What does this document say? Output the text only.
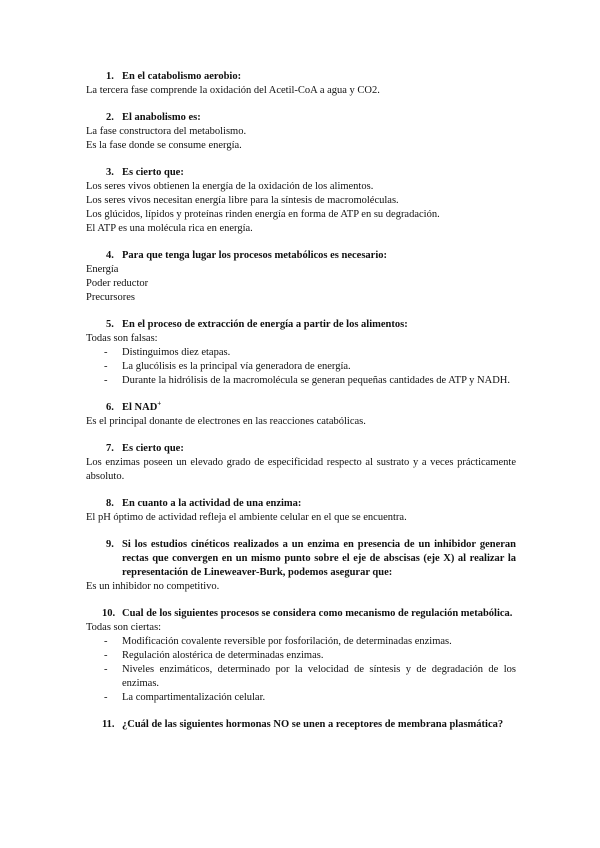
1. En el catabolismo aerobio:

La tercera fase comprende la oxidación del Acetil-CoA a agua y CO2.

2. El anabolismo es:

La fase constructora del metabolismo.

Es la fase donde se consume energía.

3. Es cierto que:

Los seres vivos obtienen la energía de la oxidación de los alimentos.

Los seres vivos necesitan energía libre para la síntesis de macromoléculas.

Los glúcidos, lípidos y proteínas rinden energía en forma de ATP en su degradación.

El ATP es una molécula rica en energía.

4. Para que tenga lugar los procesos metabólicos es necesario:

Energía

Poder reductor

Precursores

5. En el proceso de extracción de energía a partir de los alimentos:

Todas son falsas:

-	Distinguimos diez etapas.
-	La glucólisis es la principal vía generadora de energía.
-	Durante la hidrólisis de la macromolécula se generan pequeñas cantidades de ATP y NADH.
6. El NAD+

Es el principal donante de electrones en las reacciones catabólicas.

7. Es cierto que:

Los enzimas poseen un elevado grado de especificidad respecto al sustrato y a veces prácticamente absoluto.

8. En cuanto a la actividad de una enzima:

El pH óptimo de actividad refleja el ambiente celular en el que se encuentra.

9. Si los estudios cinéticos realizados a un enzima en presencia de un inhibidor generan rectas que convergen en un mismo punto sobre el eje de abscisas (eje X) al realizar la representación de Lineweaver-Burk, podemos asegurar que:

Es un inhibidor no competitivo.

10. Cual de los siguientes procesos se considera como mecanismo de regulación metabólica.

Todas son ciertas:

-	Modificación covalente reversible por fosforilación, de determinadas enzimas.
-	Regulación alostérica de determinadas enzimas.
-	Niveles enzimáticos, determinado por la velocidad de síntesis y de degradación de los enzimas.
-	La compartimentalización celular.
11. ¿Cuál de las siguientes hormonas NO se unen a receptores de membrana plasmática?
